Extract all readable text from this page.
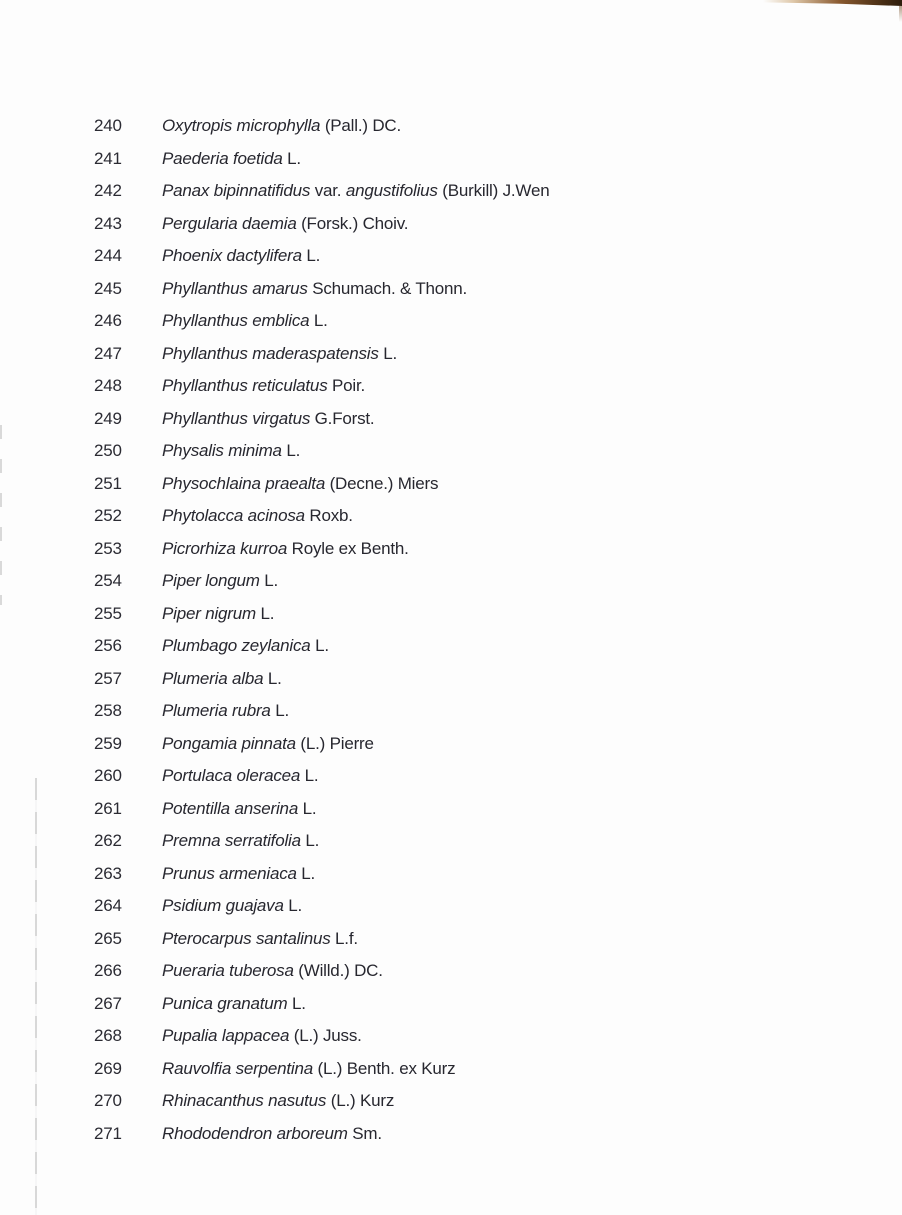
240	Oxytropis microphylla (Pall.) DC.
241	Paederia foetida L.
242	Panax bipinnatifidus var. angustifolius (Burkill) J.Wen
243	Pergularia daemia (Forsk.) Choiv.
244	Phoenix dactylifera L.
245	Phyllanthus amarus Schumach. & Thonn.
246	Phyllanthus emblica L.
247	Phyllanthus maderaspatensis L.
248	Phyllanthus reticulatus Poir.
249	Phyllanthus virgatus G.Forst.
250	Physalis minima L.
251	Physochlaina praealta (Decne.) Miers
252	Phytolacca acinosa Roxb.
253	Picrorhiza kurroa Royle ex Benth.
254	Piper longum L.
255	Piper nigrum L.
256	Plumbago zeylanica L.
257	Plumeria alba L.
258	Plumeria rubra L.
259	Pongamia pinnata (L.) Pierre
260	Portulaca oleracea L.
261	Potentilla anserina L.
262	Premna serratifolia L.
263	Prunus armeniaca L.
264	Psidium guajava L.
265	Pterocarpus santalinus L.f.
266	Pueraria tuberosa (Willd.) DC.
267	Punica granatum L.
268	Pupalia lappacea (L.) Juss.
269	Rauvolfia serpentina (L.) Benth. ex Kurz
270	Rhinacanthus nasutus (L.) Kurz
271	Rhododendron arboreum Sm.
